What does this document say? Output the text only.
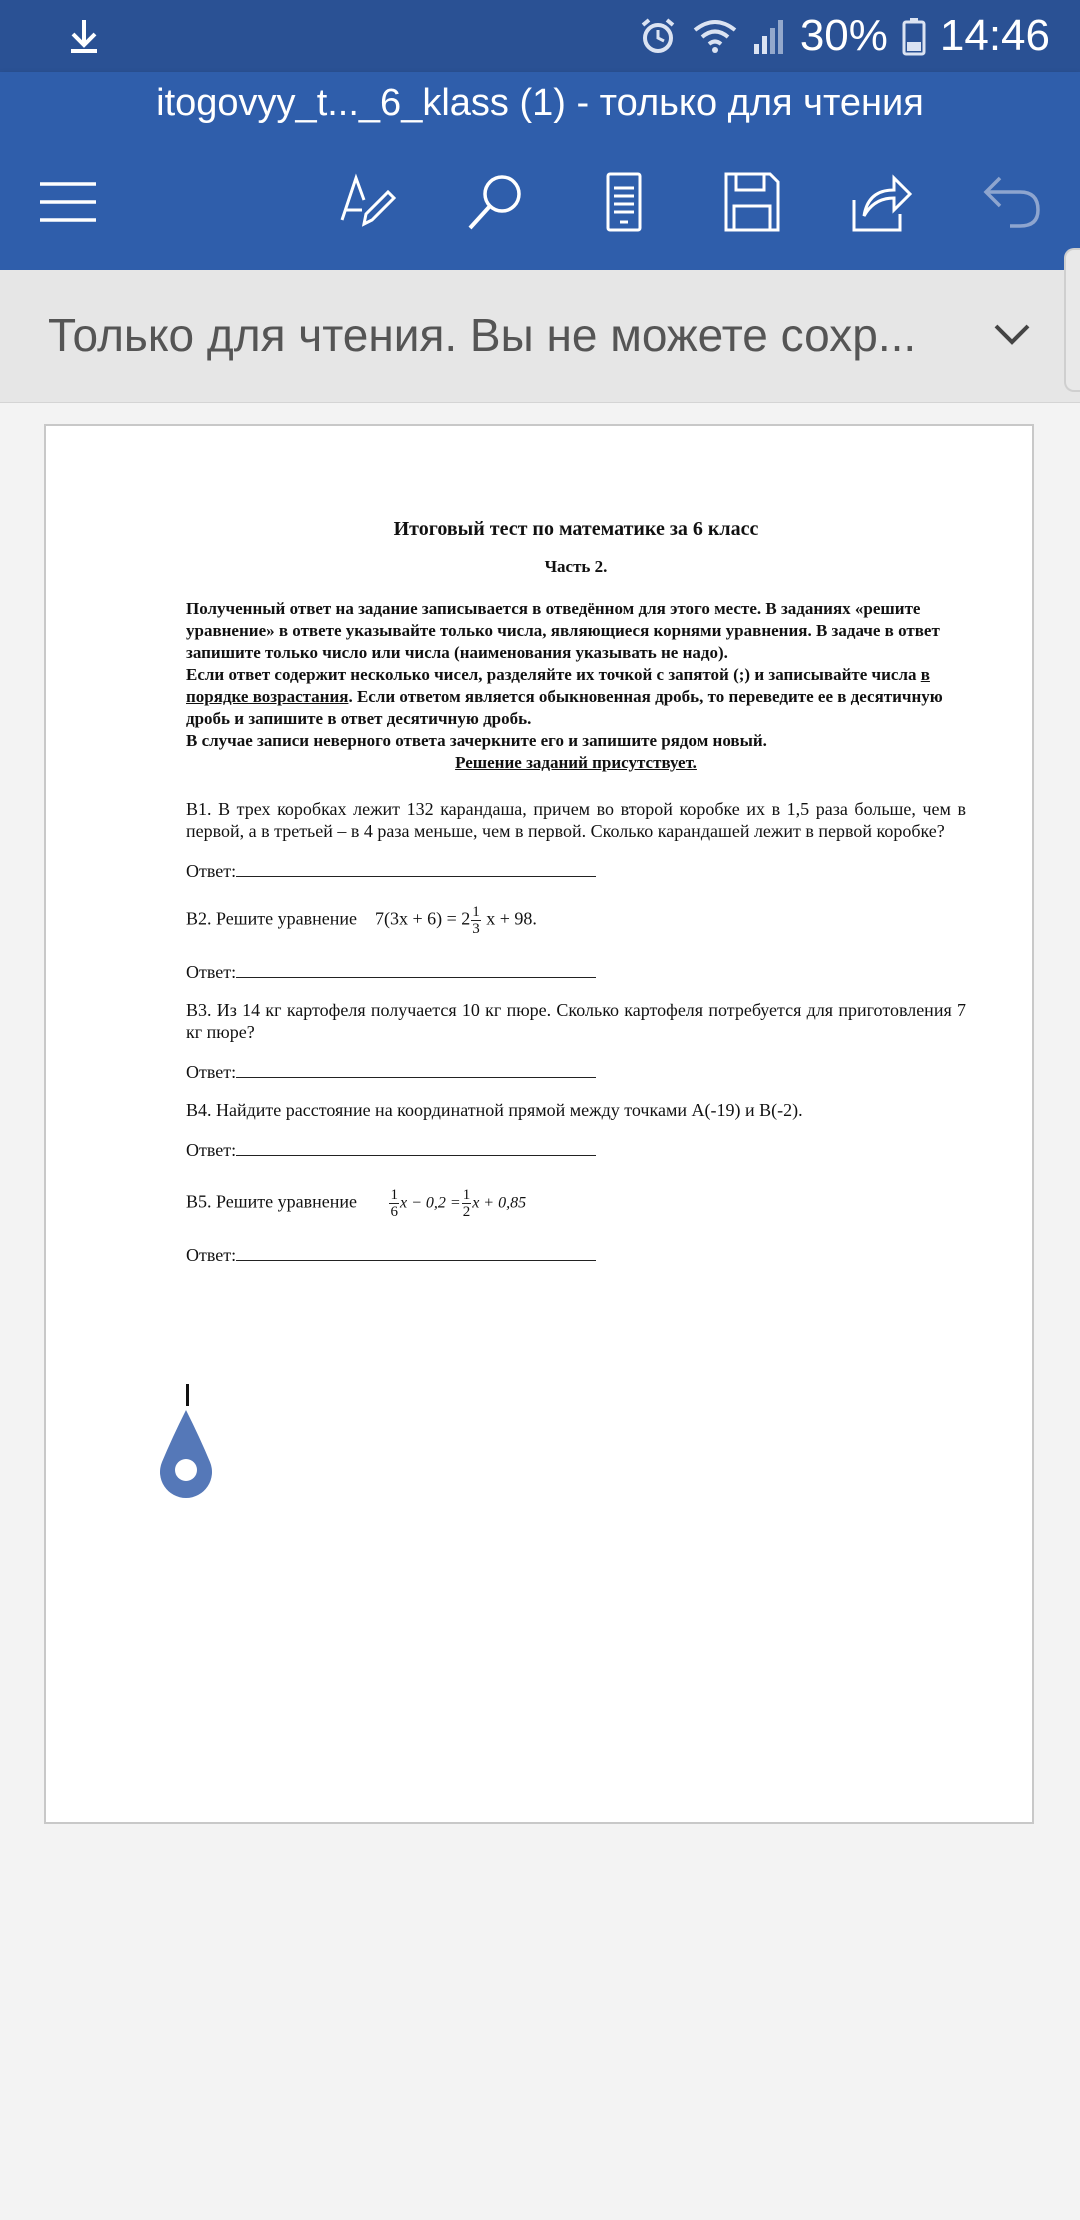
30% 14:46
itogovyy_t..._6_klass (1) - только для чтения
Только для чтения. Вы не можете сохр...

Итоговый тест по математике за 6 класс

Часть 2.

Полученный ответ на задание записывается в отведённом для этого месте. В заданиях «решите уравнение» в ответе указывайте только числа, являющиеся корнями уравнения. В задаче в ответ запишите только число или числа (наименования указывать не надо).

Если ответ содержит несколько чисел, разделяйте их точкой с запятой (;) и записывайте числа в порядке возрастания. Если ответом является обыкновенная дробь, то переведите ее в десятичную дробь и запишите в ответ десятичную дробь.

В случае записи неверного ответа зачеркните его и запишите рядом новый.

Решение заданий присутствует.

В1. В трех коробках лежит 132 карандаша, причем во второй коробке их в 1,5 раза больше, чем в первой, а в третьей – в 4 раза меньше, чем в первой. Сколько карандашей лежит в первой коробке?

Ответ:

В2. Решите уравнение $7(3x + 6) = 2 \frac{1}{3}$ x + 98.

Ответ:

В3. Из 14 кг картофеля получается 10 кг пюре. Сколько картофеля потребуется для приготовления 7 кг пюре?

Ответ:

В4. Найдите расстояние на координатной прямой между точками А(-19) и В(-2).

Ответ:

В5. Решите уравнение $\frac{1}{6}$ $x - 0,2 = \frac{1}{2}$ x + 0,85

Ответ:
